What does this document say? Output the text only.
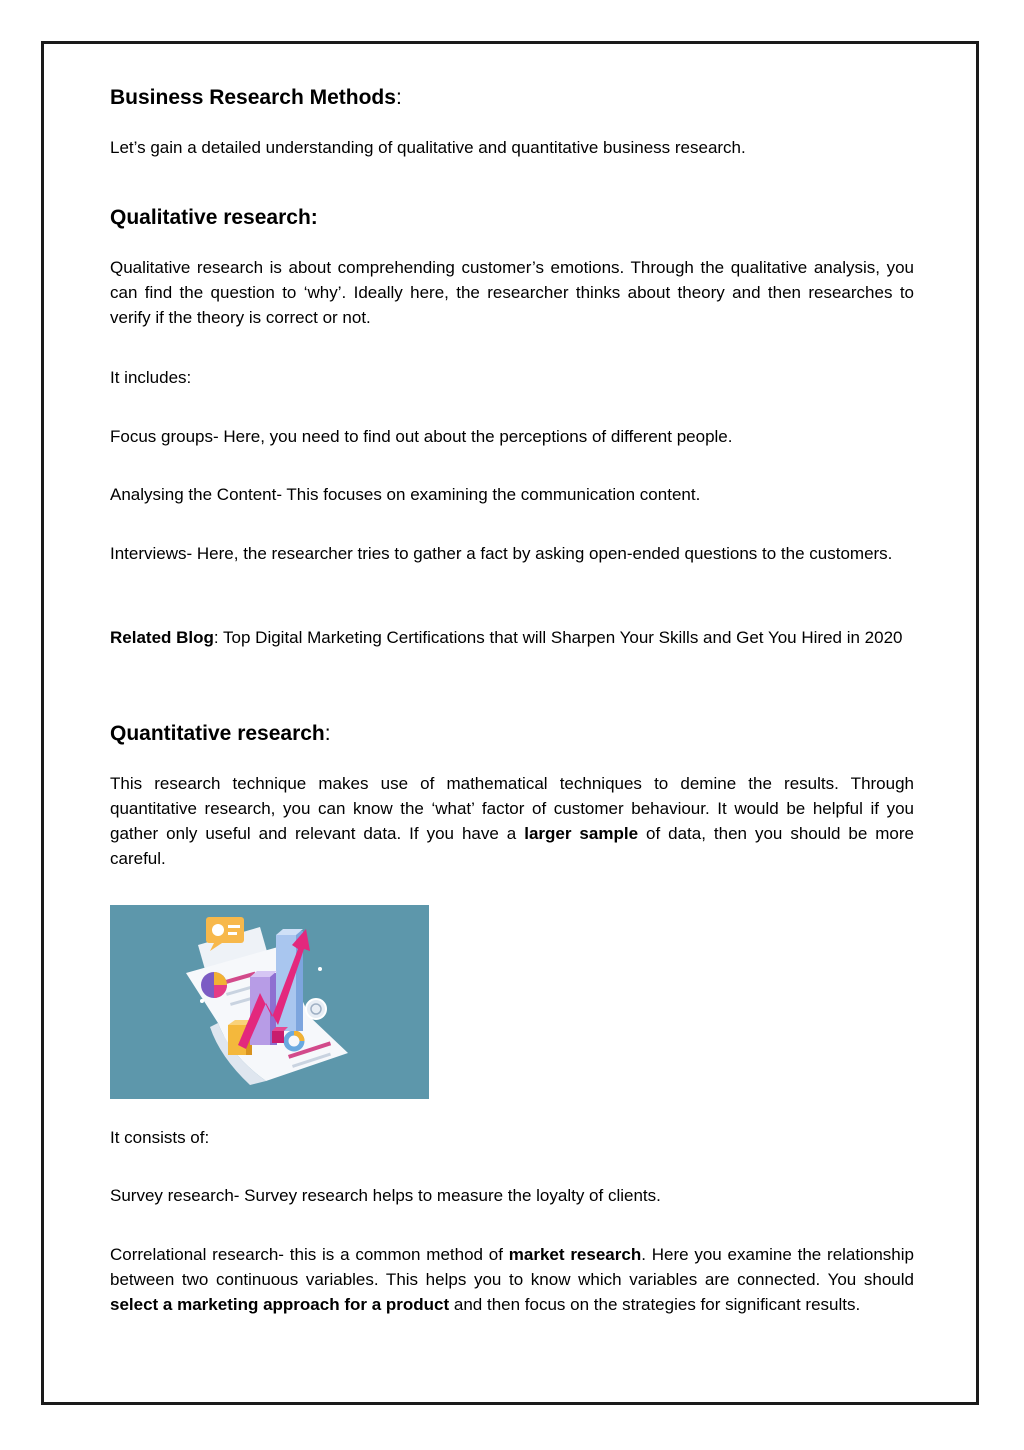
Business Research Methods:

Let’s gain a detailed understanding of qualitative and quantitative business research.

Qualitative research:

Qualitative research is about comprehending customer’s emotions. Through the qualitative analysis, you can find the question to ‘why’. Ideally here, the researcher thinks about theory and then researches to verify if the theory is correct or not.

It includes:

Focus groups- Here, you need to find out about the perceptions of different people.

Analysing the Content- This focuses on examining the communication content.

Interviews- Here, the researcher tries to gather a fact by asking open-ended questions to the customers.

Related Blog: Top Digital Marketing Certifications that will Sharpen Your Skills and Get You Hired in 2020

Quantitative research:

This research technique makes use of mathematical techniques to demine the results. Through quantitative research, you can know the ‘what’ factor of customer behaviour. It would be helpful if you gather only useful and relevant data. If you have a larger sample of data, then you should be more careful.

It consists of:

Survey research- Survey research helps to measure the loyalty of clients.

Correlational research- this is a common method of market research. Here you examine the relationship between two continuous variables. This helps you to know which variables are connected. You should select a marketing approach for a product and then focus on the strategies for significant results.
